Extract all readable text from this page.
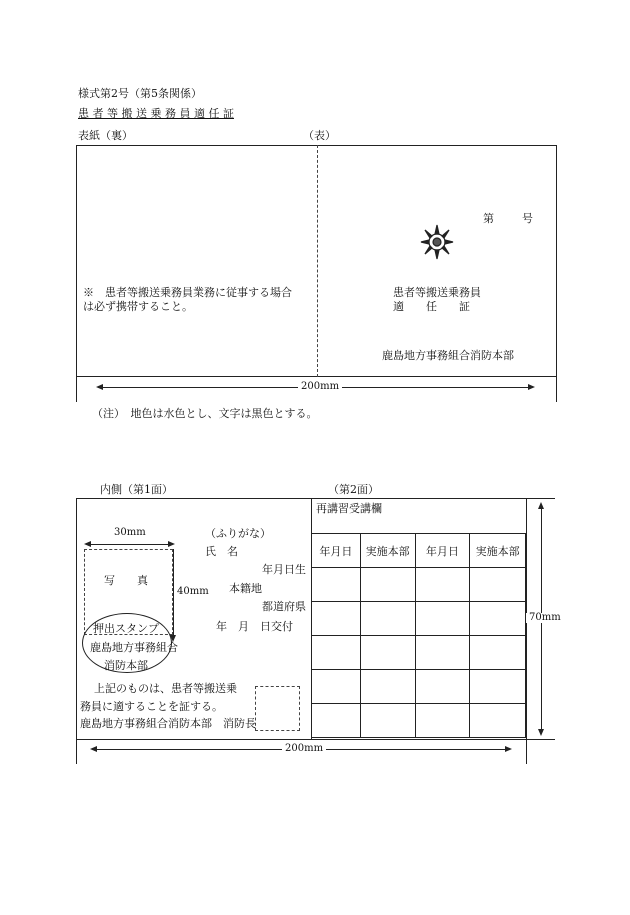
様式第2号（第5条関係）
患 者 等 搬 送 乗 務 員 適 任 証
表紙（裏）	（表）
※　患者等搬送乗務員業務に従事する場合
は必ず携帯すること。
第　　号
患者等搬送乗務員
適　　任　　証
鹿島地方事務組合消防本部
200mm
（注）　地色は水色とし、文字は黒色とする。
内側（第1面）	（第2面）
30mm
写　　真
40mm
（ふりがな）
氏　名
年月日生
本籍地
都道府県
年　月　日交付
押出スタンプ
鹿島地方事務組合
消防本部
上記のものは、患者等搬送乗
務員に適することを証する。
鹿島地方事務組合消防本部　消防長
再講習受講欄
年月日	実施本部	年月日	実施本部

70mm
200mm
